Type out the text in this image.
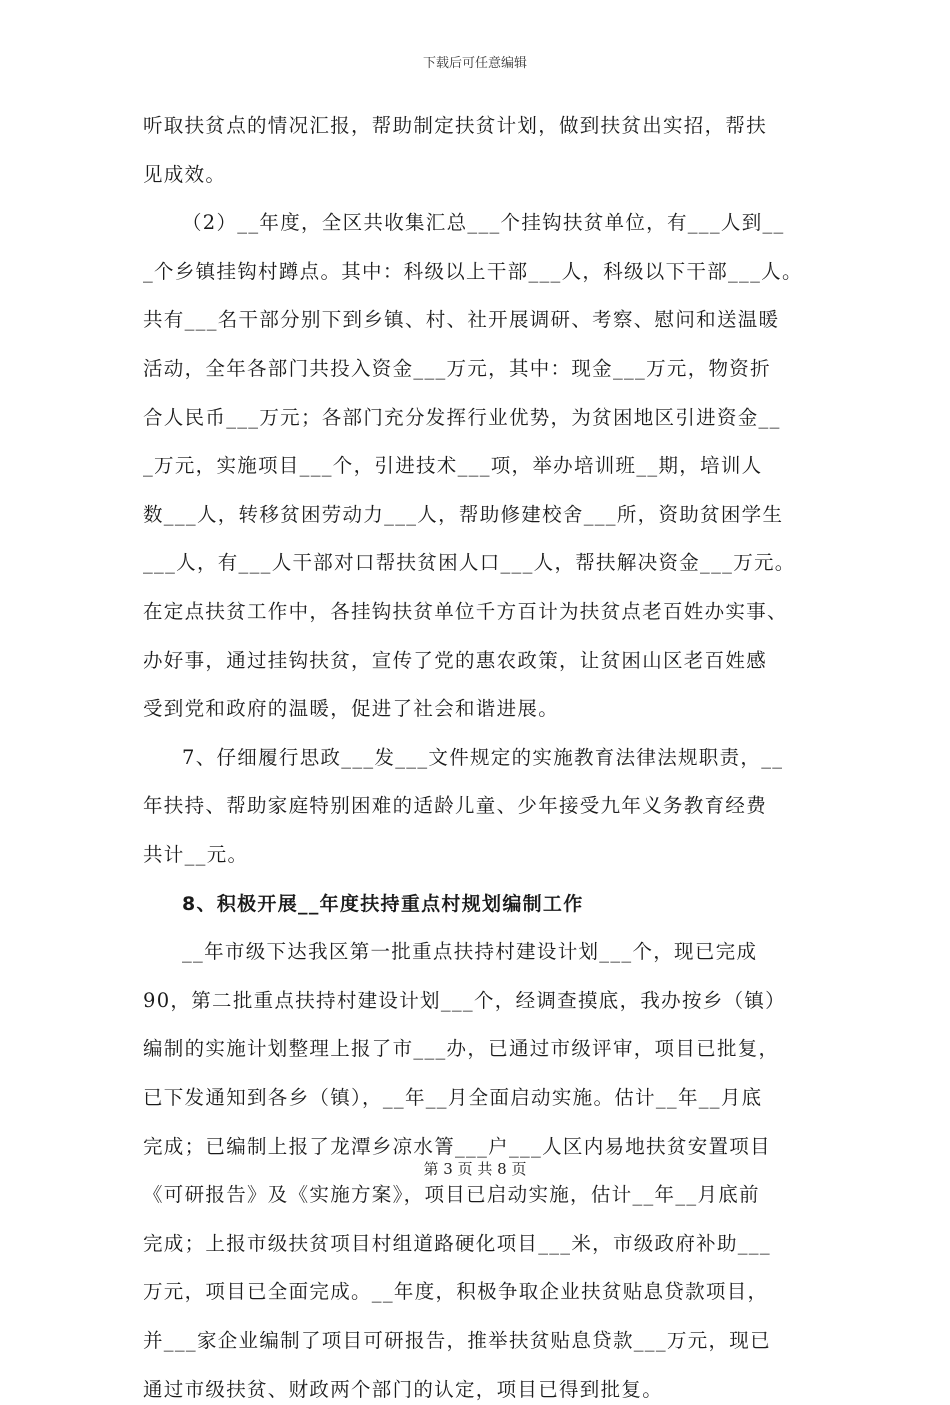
下载后可任意编辑
听取扶贫点的情况汇报，帮助制定扶贫计划，做到扶贫出实招，帮扶
见成效。
（2）__年度，全区共收集汇总___个挂钩扶贫单位，有___人到__
_个乡镇挂钩村蹲点。其中：科级以上干部___人，科级以下干部___人。
共有___名干部分别下到乡镇、村、社开展调研、考察、慰问和送温暖
活动，全年各部门共投入资金___万元，其中：现金___万元，物资折
合人民币___万元；各部门充分发挥行业优势，为贫困地区引进资金__
_万元，实施项目___个，引进技术___项，举办培训班__期，培训人
数___人，转移贫困劳动力___人，帮助修建校舍___所，资助贫困学生
___人，有___人干部对口帮扶贫困人口___人，帮扶解决资金___万元。
在定点扶贫工作中，各挂钩扶贫单位千方百计为扶贫点老百姓办实事、
办好事，通过挂钩扶贫，宣传了党的惠农政策，让贫困山区老百姓感
受到党和政府的温暖，促进了社会和谐进展。
7、仔细履行思政___发___文件规定的实施教育法律法规职责，__
年扶持、帮助家庭特别困难的适龄儿童、少年接受九年义务教育经费
共计__元。
8、积极开展__年度扶持重点村规划编制工作
__年市级下达我区第一批重点扶持村建设计划___个，现已完成
90，第二批重点扶持村建设计划___个，经调查摸底，我办按乡（镇）
编制的实施计划整理上报了市___办，已通过市级评审，项目已批复，
已下发通知到各乡（镇），__年__月全面启动实施。估计__年__月底
完成；已编制上报了龙潭乡凉水箐___户___人区内易地扶贫安置项目
《可研报告》及《实施方案》，项目已启动实施，估计__年__月底前
完成；上报市级扶贫项目村组道路硬化项目___米，市级政府补助___
万元，项目已全面完成。__年度，积极争取企业扶贫贴息贷款项目，
并___家企业编制了项目可研报告，推举扶贫贴息贷款___万元，现已
通过市级扶贫、财政两个部门的认定，项目已得到批复。
第 3 页 共 8 页
